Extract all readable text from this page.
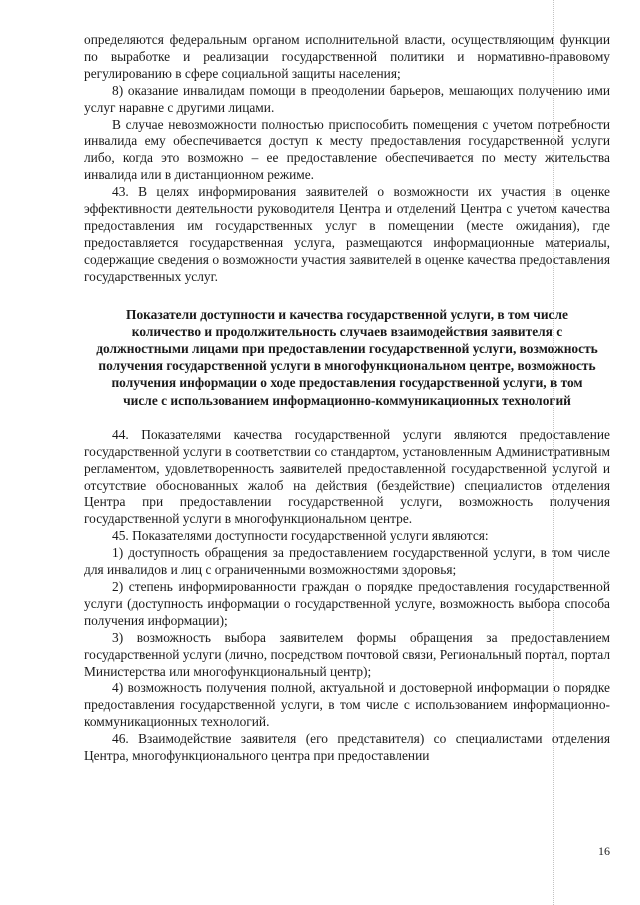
определяются федеральным органом исполнительной власти, осуществляющим функции по выработке и реализации государственной политики и нормативно-правовому регулированию в сфере социальной защиты населения;

8) оказание инвалидам помощи в преодолении барьеров, мешающих получению ими услуг наравне с другими лицами.

В случае невозможности полностью приспособить помещения с учетом потребности инвалида ему обеспечивается доступ к месту предоставления государственной услуги либо, когда это возможно – ее предоставление обеспечивается по месту жительства инвалида или в дистанционном режиме.

43. В целях информирования заявителей о возможности их участия в оценке эффективности деятельности руководителя Центра и отделений Центра с учетом качества предоставления им государственных услуг в помещении (месте ожидания), где предоставляется государственная услуга, размещаются информационные материалы, содержащие сведения о возможности участия заявителей в оценке качества предоставления государственных услуг.

Показатели доступности и качества государственной услуги, в том числе количество и продолжительность случаев взаимодействия заявителя с должностными лицами при предоставлении государственной услуги, возможность получения государственной услуги в многофункциональном центре, возможность получения информации о ходе предоставления государственной услуги, в том числе с использованием информационно-коммуникационных технологий

44. Показателями качества государственной услуги являются предоставление государственной услуги в соответствии со стандартом, установленным Административным регламентом, удовлетворенность заявителей предоставленной государственной услугой и отсутствие обоснованных жалоб на действия (бездействие) специалистов отделения Центра при предоставлении государственной услуги, возможность получения государственной услуги в многофункциональном центре.

45. Показателями доступности государственной услуги являются:

1) доступность обращения за предоставлением государственной услуги, в том числе для инвалидов и лиц с ограниченными возможностями здоровья;

2) степень информированности граждан о порядке предоставления государственной услуги (доступность информации о государственной услуге, возможность выбора способа получения информации);

3) возможность выбора заявителем формы обращения за предоставлением государственной услуги (лично, посредством почтовой связи, Региональный портал, портал Министерства или многофункциональный центр);

4) возможность получения полной, актуальной и достоверной информации о порядке предоставления государственной услуги, в том числе с использованием информационно-коммуникационных технологий.

46. Взаимодействие заявителя (его представителя) со специалистами отделения Центра, многофункционального центра при предоставлении

16
